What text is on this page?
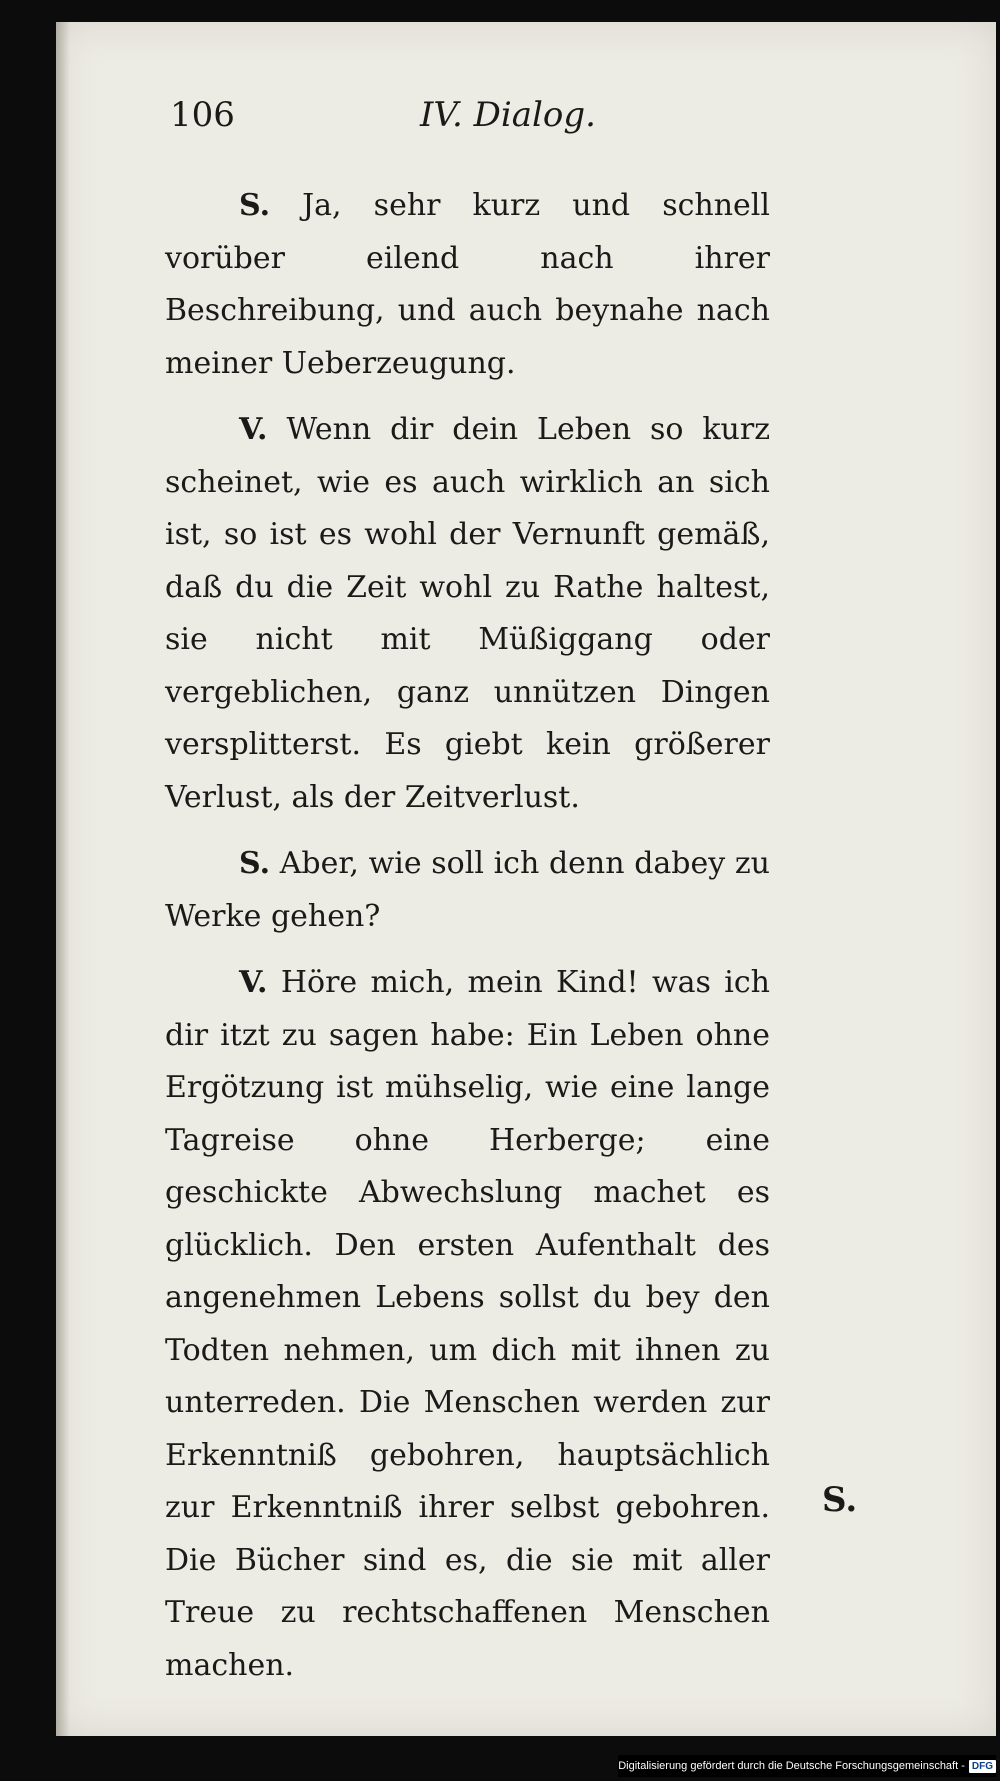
106	IV. Dialog.

S. Ja, sehr kurz und schnell vorüber eilend nach ihrer Beschreibung, und auch beynahe nach meiner Ueberzeugung.

V. Wenn dir dein Leben so kurz scheinet, wie es auch wirklich an sich ist, so ist es wohl der Vernunft gemäß, daß du die Zeit wohl zu Rathe haltest, sie nicht mit Müßiggang oder vergeblichen, ganz unnützen Dingen versplitterst. Es giebt kein größerer Verlust, als der Zeitverlust.

S. Aber, wie soll ich denn dabey zu Werke gehen?

V. Höre mich, mein Kind! was ich dir itzt zu sagen habe: Ein Leben ohne Ergötzung ist mühselig, wie eine lange Tagreise ohne Herberge; eine geschickte Abwechslung machet es glücklich. Den ersten Aufenthalt des angenehmen Lebens sollst du bey den Todten nehmen, um dich mit ihnen zu unterreden. Die Menschen werden zur Erkenntniß gebohren, hauptsächlich zur Erkenntniß ihrer selbst gebohren. Die Bücher sind es, die sie mit aller Treue zu rechtschaffenen Menschen machen.

S.
Digitalisierung gefördert durch die Deutsche Forschungsgemeinschaft - DFG
